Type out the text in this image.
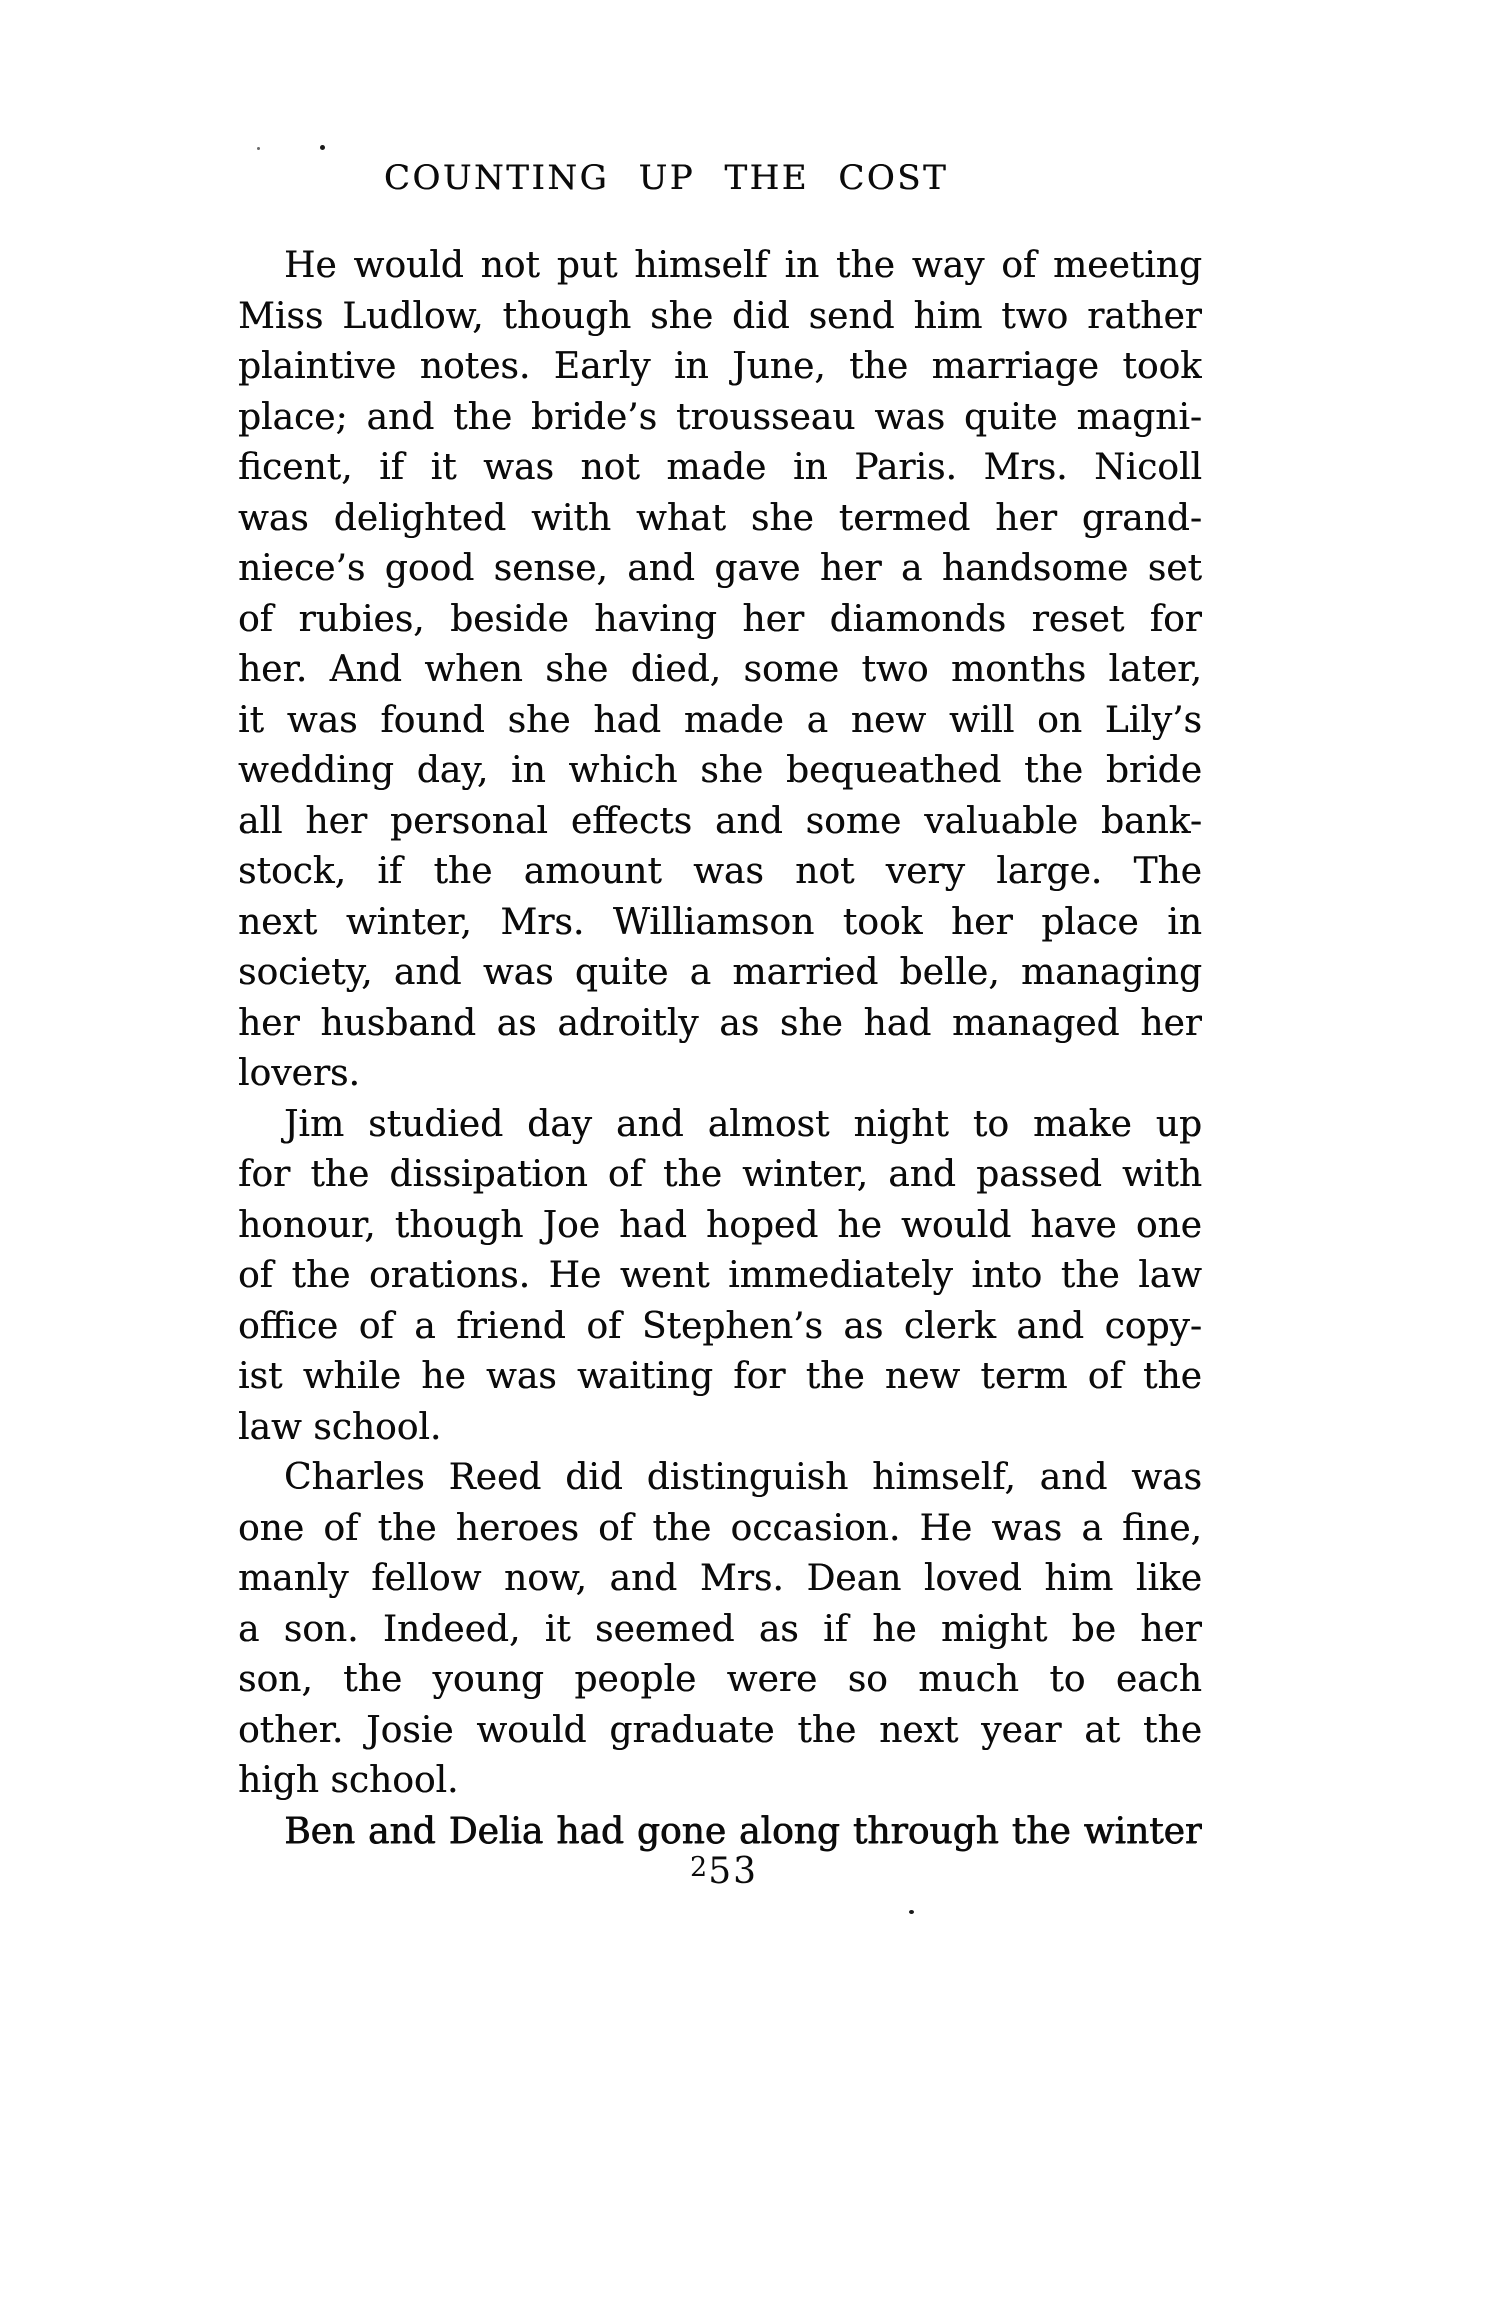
COUNTING UP THE COST
He would not put himself in the way of meeting
Miss Ludlow, though she did send him two rather
plaintive notes. Early in June, the marriage took
place; and the bride’s trousseau was quite magni-
ficent, if it was not made in Paris. Mrs. Nicoll
was delighted with what she termed her grand-
niece’s good sense, and gave her a handsome set
of rubies, beside having her diamonds reset for
her. And when she died, some two months later,
it was found she had made a new will on Lily’s
wedding day, in which she bequeathed the bride
all her personal effects and some valuable bank-
stock, if the amount was not very large. The
next winter, Mrs. Williamson took her place in
society, and was quite a married belle, managing
her husband as adroitly as she had managed her
lovers.
Jim studied day and almost night to make up
for the dissipation of the winter, and passed with
honour, though Joe had hoped he would have one
of the orations. He went immediately into the law
office of a friend of Stephen’s as clerk and copy-
ist while he was waiting for the new term of the
law school.
Charles Reed did distinguish himself, and was
one of the heroes of the occasion. He was a fine,
manly fellow now, and Mrs. Dean loved him like
a son. Indeed, it seemed as if he might be her
son, the young people were so much to each
other. Josie would graduate the next year at the
high school.
Ben and Delia had gone along through the winter
$^2$53
